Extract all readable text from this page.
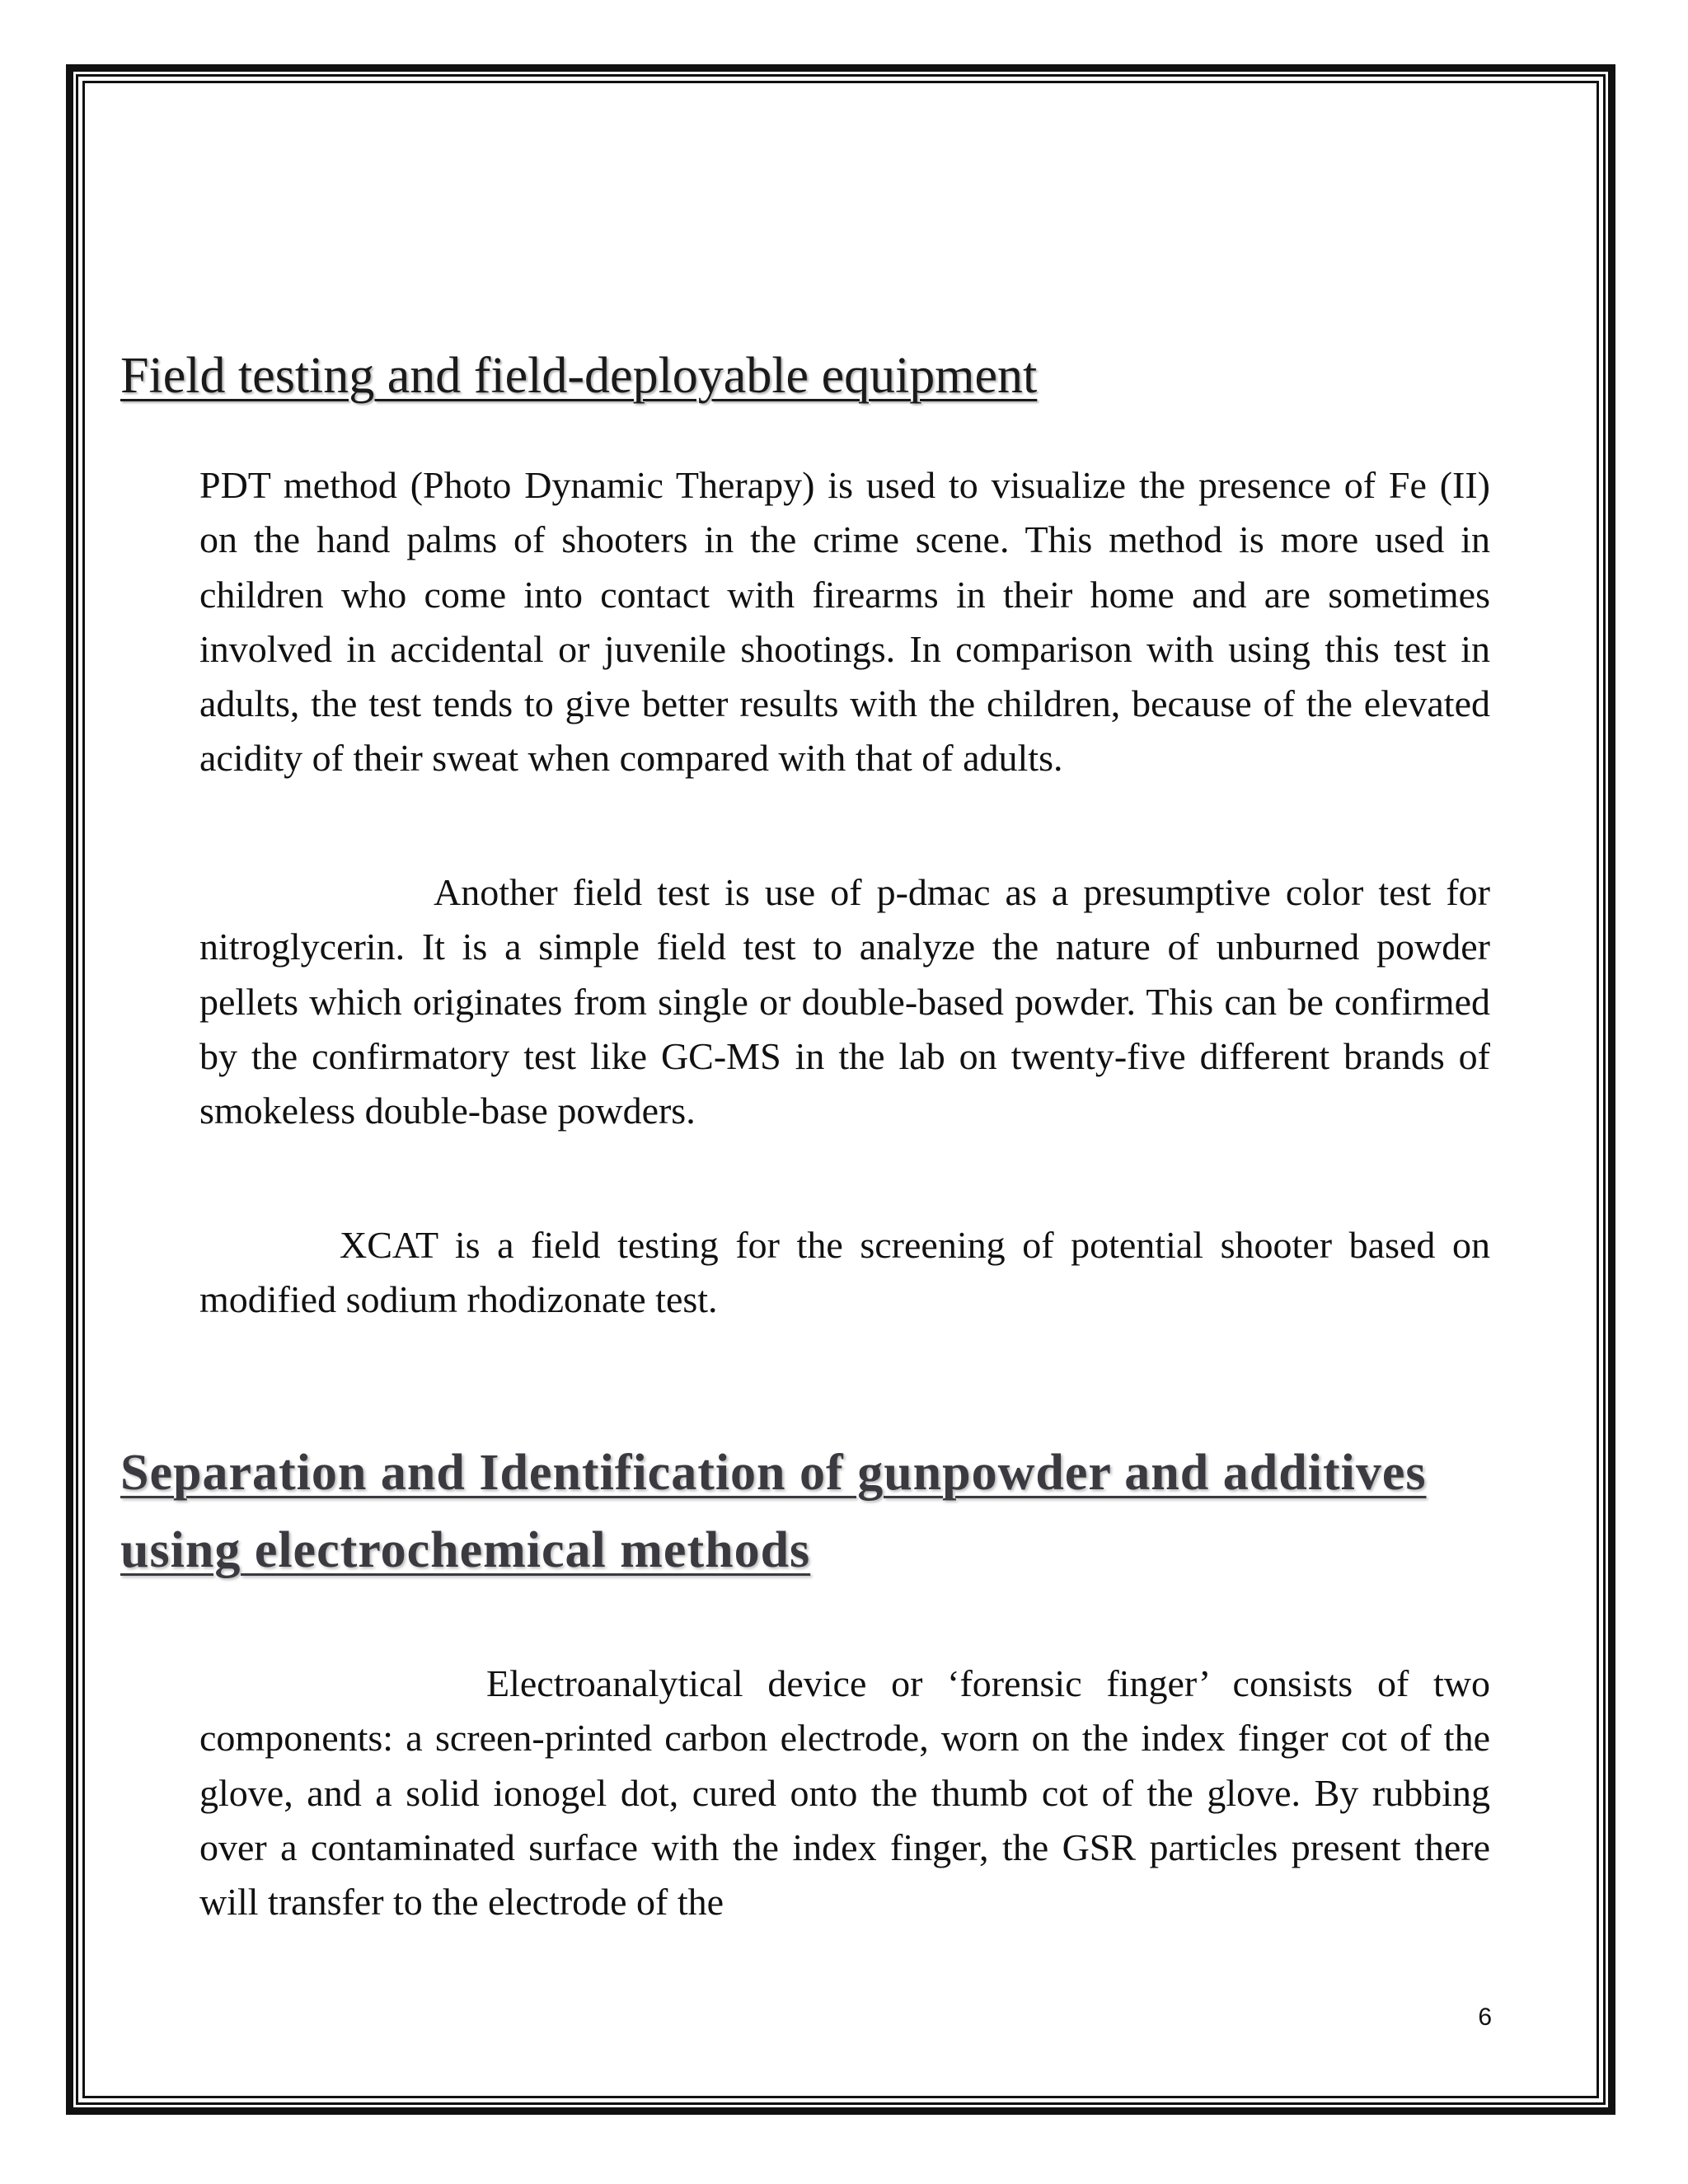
Field testing and field-deployable equipment

PDT method (Photo Dynamic Therapy) is used to visualize the presence of Fe (II) on the hand palms of shooters in the crime scene. This method is more used in children who come into contact with firearms in their home and are sometimes involved in accidental or juvenile shootings. In comparison with using this test in adults, the test tends to give better results with the children, because of the elevated acidity of their sweat when compared with that of adults.

Another field test is use of p-dmac as a presumptive color test for nitroglycerin. It is a simple field test to analyze the nature of unburned powder pellets which originates from single or double-based powder. This can be confirmed by the confirmatory test like GC-MS in the lab on twenty-five different brands of smokeless double-base powders.

XCAT is a field testing for the screening of potential shooter based on modified sodium rhodizonate test.

Separation and Identification of gunpowder and additives using electrochemical methods

Electroanalytical device or ‘forensic finger’ consists of two components: a screen-printed carbon electrode, worn on the index finger cot of the glove, and a solid ionogel dot, cured onto the thumb cot of the glove. By rubbing over a contaminated surface with the index finger, the GSR particles present there will transfer to the electrode of the

6
